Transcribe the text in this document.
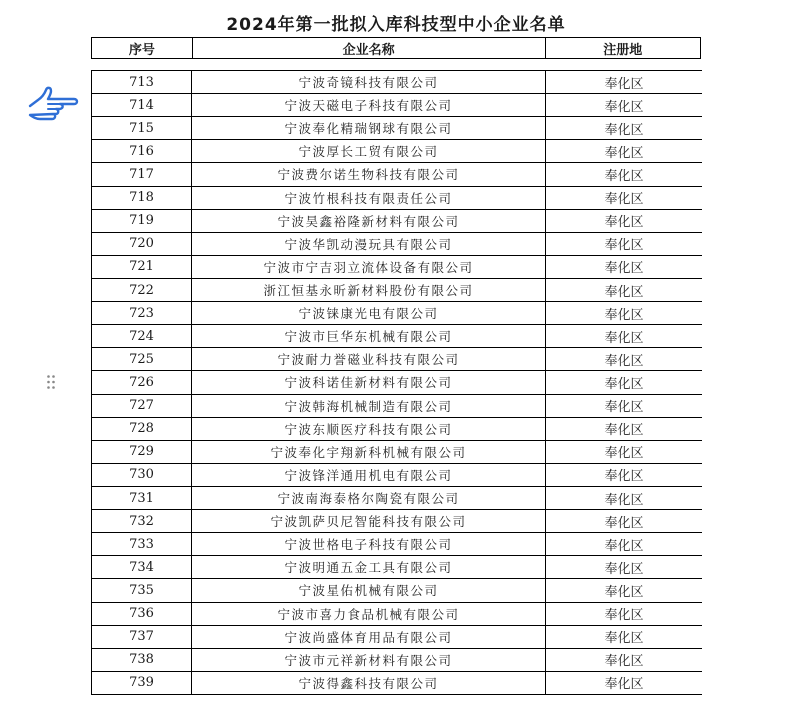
2024年第一批拟入库科技型中小企业名单
序号	企业名称	注册地
713	宁波奇镜科技有限公司	奉化区
714	宁波天磁电子科技有限公司	奉化区
715	宁波奉化精瑞钢球有限公司	奉化区
716	宁波厚长工贸有限公司	奉化区
717	宁波费尔诺生物科技有限公司	奉化区
718	宁波竹根科技有限责任公司	奉化区
719	宁波昊鑫裕隆新材料有限公司	奉化区
720	宁波华凯动漫玩具有限公司	奉化区
721	宁波市宁吉羽立流体设备有限公司	奉化区
722	浙江恒基永昕新材料股份有限公司	奉化区
723	宁波铼康光电有限公司	奉化区
724	宁波市巨华东机械有限公司	奉化区
725	宁波耐力誉磁业科技有限公司	奉化区
726	宁波科诺佳新材料有限公司	奉化区
727	宁波韩海机械制造有限公司	奉化区
728	宁波东顺医疗科技有限公司	奉化区
729	宁波奉化宇翔新科机械有限公司	奉化区
730	宁波锋洋通用机电有限公司	奉化区
731	宁波南海泰格尔陶瓷有限公司	奉化区
732	宁波凯萨贝尼智能科技有限公司	奉化区
733	宁波世格电子科技有限公司	奉化区
734	宁波明通五金工具有限公司	奉化区
735	宁波星佑机械有限公司	奉化区
736	宁波市喜力食品机械有限公司	奉化区
737	宁波尚盛体育用品有限公司	奉化区
738	宁波市元祥新材料有限公司	奉化区
739	宁波得鑫科技有限公司	奉化区
